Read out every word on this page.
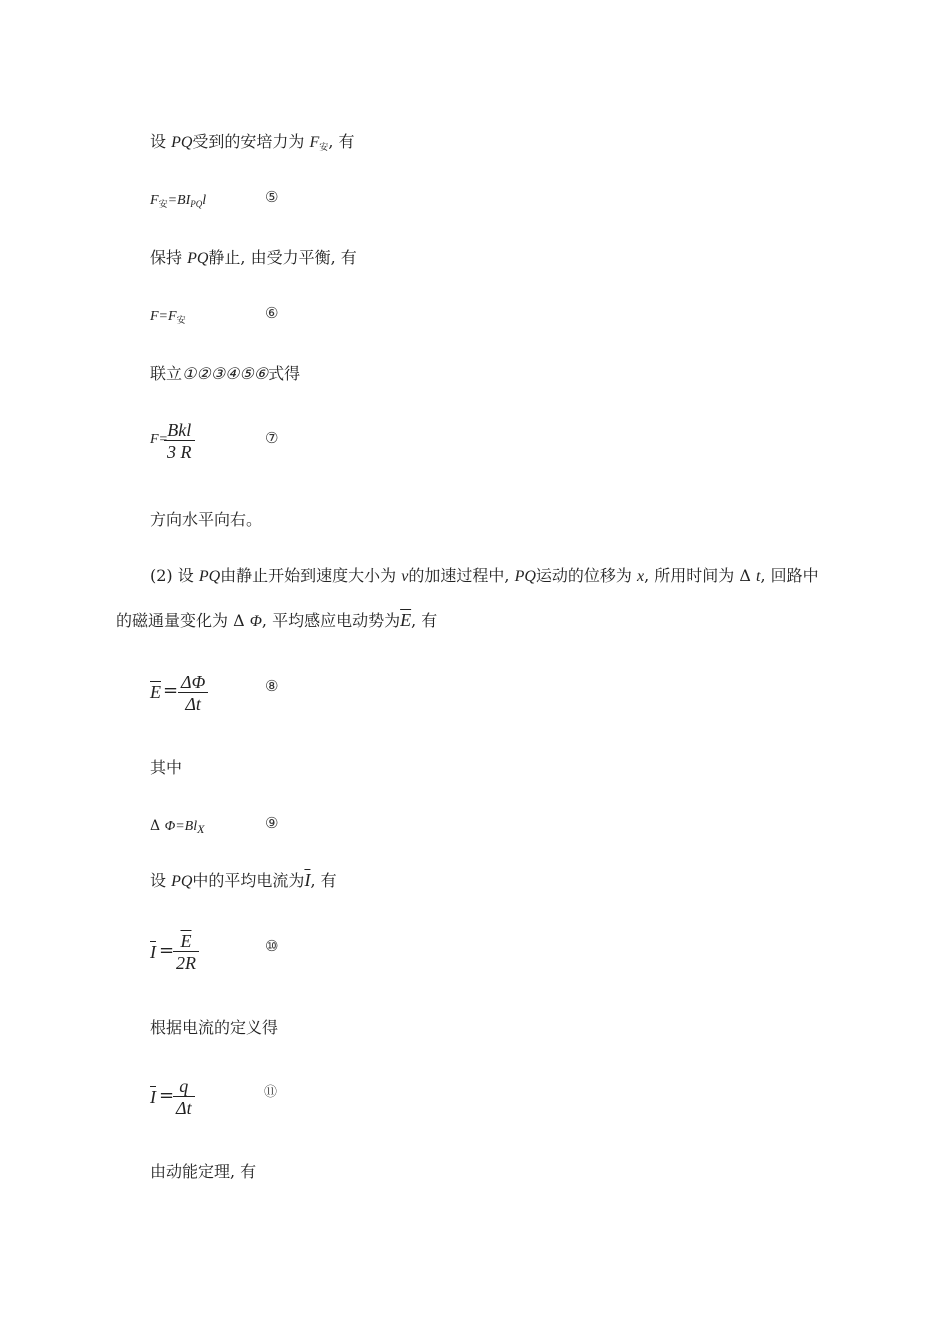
设 PQ受到的安培力为 $F_安$, 有
$F_安=BI_{PQ}l$	⑤
保持 PQ静止, 由受力平衡, 有
$F=F_安$	⑥
联立①②③④⑤⑥式得
F= Bkl
3 R
⑦
方向水平向右。
(2) 设 PQ由静止开始到速度大小为 v的加速过程中, PQ运动的位移为 x, 所用时间为 Δ t, 回路中
的磁通量变化为 Δ Φ, 平均感应电动势为$\overline{E}$, 有
$\overline{E} = \Delta\Phi$
Δt
⑧
其中
Δ Φ=BlX	⑨
设 PQ中的平均电流为$\overline{I}$, 有
$\overline{I} = \overline{E}$
2R
⑩
根据电流的定义得
$\overline{I} = q$
Δt
⑪
由动能定理, 有
